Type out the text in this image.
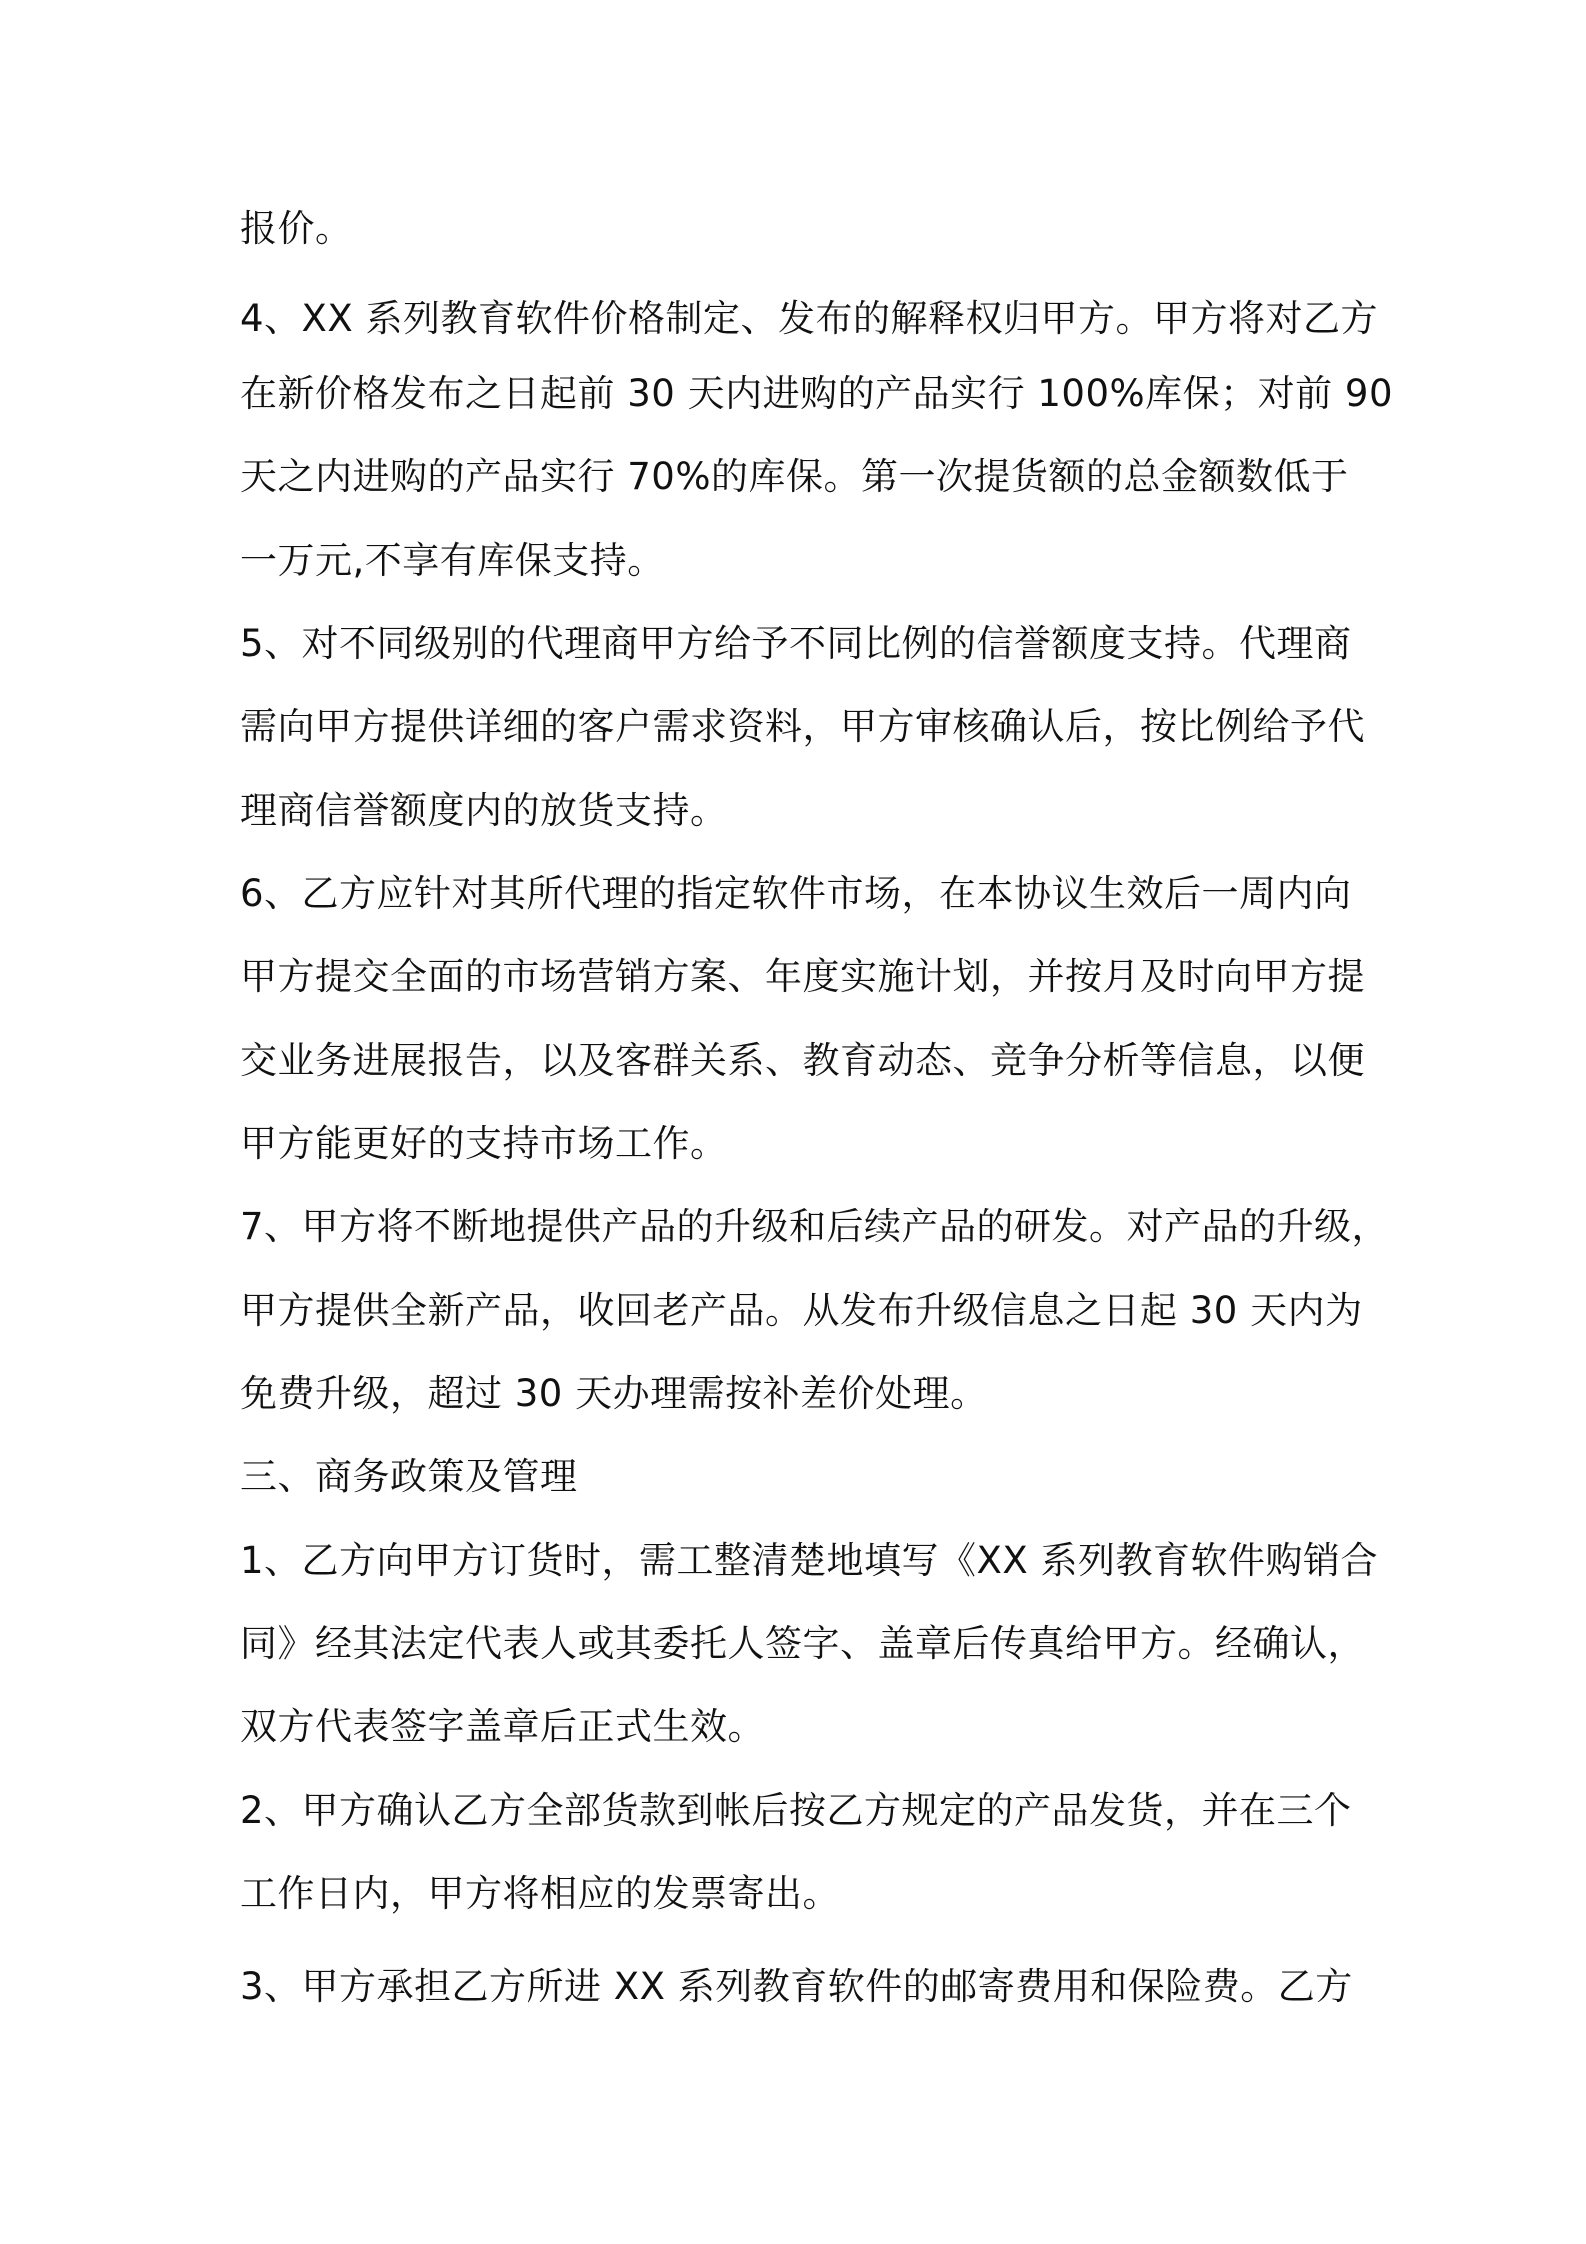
报价。

4、XX 系列教育软件价格制定、发布的解释权归甲方。甲方将对乙方

在新价格发布之日起前 30 天内进购的产品实行 100%库保；对前 90

天之内进购的产品实行 70%的库保。第一次提货额的总金额数低于

一万元,不享有库保支持。

5、对不同级别的代理商甲方给予不同比例的信誉额度支持。代理商

需向甲方提供详细的客户需求资料，甲方审核确认后，按比例给予代

理商信誉额度内的放货支持。

6、乙方应针对其所代理的指定软件市场，在本协议生效后一周内向

甲方提交全面的市场营销方案、年度实施计划，并按月及时向甲方提

交业务进展报告，以及客群关系、教育动态、竞争分析等信息，以便

甲方能更好的支持市场工作。

7、甲方将不断地提供产品的升级和后续产品的研发。对产品的升级，

甲方提供全新产品，收回老产品。从发布升级信息之日起 30 天内为

免费升级，超过 30 天办理需按补差价处理。

三、商务政策及管理

1、乙方向甲方订货时，需工整清楚地填写《XX 系列教育软件购销合

同》经其法定代表人或其委托人签字、盖章后传真给甲方。经确认，

双方代表签字盖章后正式生效。

2、甲方确认乙方全部货款到帐后按乙方规定的产品发货，并在三个

工作日内，甲方将相应的发票寄出。

3、甲方承担乙方所进 XX 系列教育软件的邮寄费用和保险费。乙方
